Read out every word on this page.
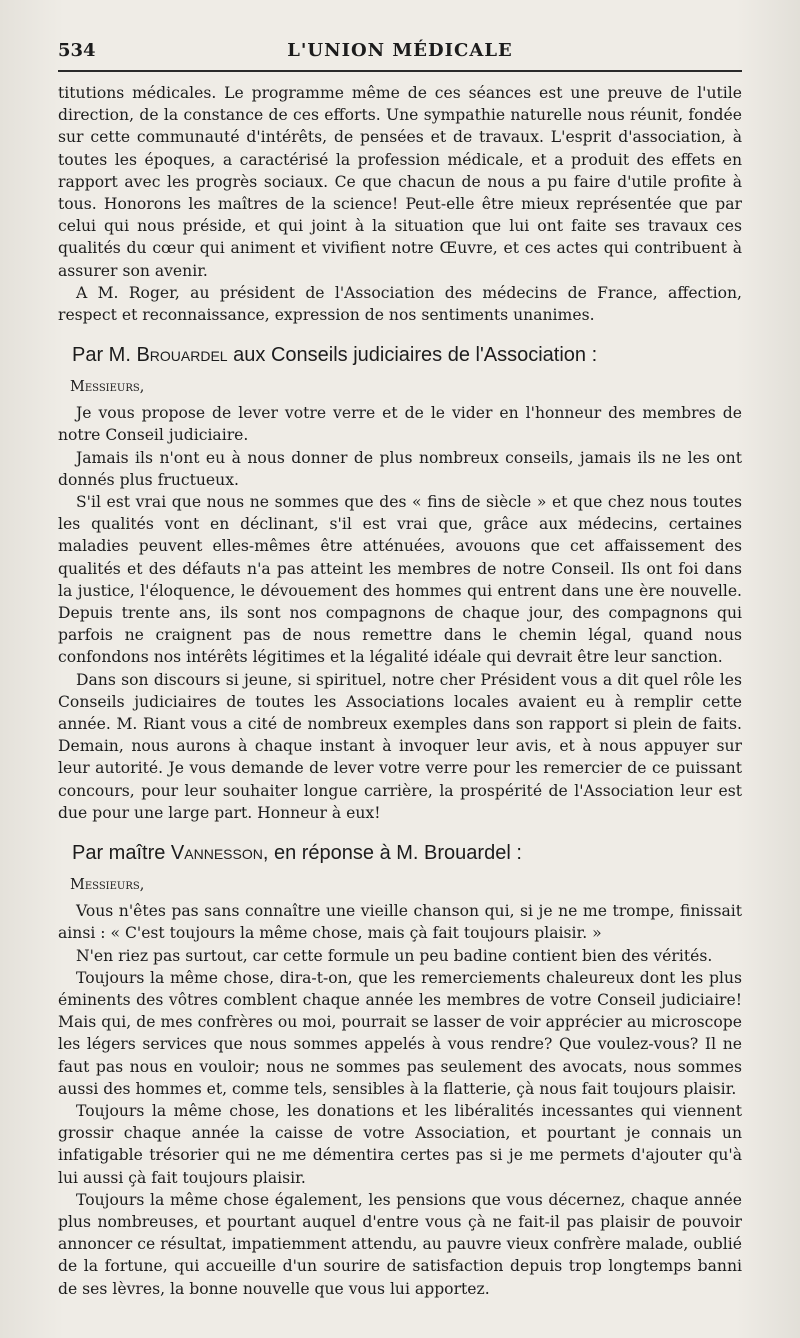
534	L'UNION MÉDICALE

titutions médicales. Le programme même de ces séances est une preuve de l'utile direction, de la constance de ces efforts. Une sympathie naturelle nous réunit, fondée sur cette communauté d'intérêts, de pensées et de travaux. L'esprit d'association, à toutes les époques, a caractérisé la profession médicale, et a produit des effets en rapport avec les progrès sociaux. Ce que chacun de nous a pu faire d'utile profite à tous. Honorons les maîtres de la science! Peut-elle être mieux représentée que par celui qui nous préside, et qui joint à la situation que lui ont faite ses travaux ces qualités du cœur qui animent et vivifient notre Œuvre, et ces actes qui contribuent à assurer son avenir.

A M. Roger, au président de l'Association des médecins de France, affection, respect et reconnaissance, expression de nos sentiments unanimes.

Par M. Brouardel aux Conseils judiciaires de l'Association :
Messieurs,

Je vous propose de lever votre verre et de le vider en l'honneur des membres de notre Conseil judiciaire.

Jamais ils n'ont eu à nous donner de plus nombreux conseils, jamais ils ne les ont donnés plus fructueux.

S'il est vrai que nous ne sommes que des « fins de siècle » et que chez nous toutes les qualités vont en déclinant, s'il est vrai que, grâce aux médecins, certaines maladies peuvent elles-mêmes être atténuées, avouons que cet affaissement des qualités et des défauts n'a pas atteint les membres de notre Conseil. Ils ont foi dans la justice, l'éloquence, le dévouement des hommes qui entrent dans une ère nouvelle. Depuis trente ans, ils sont nos compagnons de chaque jour, des compagnons qui parfois ne craignent pas de nous remettre dans le chemin légal, quand nous confondons nos intérêts légitimes et la légalité idéale qui devrait être leur sanction.

Dans son discours si jeune, si spirituel, notre cher Président vous a dit quel rôle les Conseils judiciaires de toutes les Associations locales avaient eu à remplir cette année. M. Riant vous a cité de nombreux exemples dans son rapport si plein de faits. Demain, nous aurons à chaque instant à invoquer leur avis, et à nous appuyer sur leur autorité. Je vous demande de lever votre verre pour les remercier de ce puissant concours, pour leur souhaiter longue carrière, la prospérité de l'Association leur est due pour une large part. Honneur à eux!

Par maître Vannesson, en réponse à M. Brouardel :
Messieurs,

Vous n'êtes pas sans connaître une vieille chanson qui, si je ne me trompe, finissait ainsi : « C'est toujours la même chose, mais çà fait toujours plaisir. »

N'en riez pas surtout, car cette formule un peu badine contient bien des vérités.

Toujours la même chose, dira-t-on, que les remerciements chaleureux dont les plus éminents des vôtres comblent chaque année les membres de votre Conseil judiciaire! Mais qui, de mes confrères ou moi, pourrait se lasser de voir apprécier au microscope les légers services que nous sommes appelés à vous rendre? Que voulez-vous? Il ne faut pas nous en vouloir; nous ne sommes pas seulement des avocats, nous sommes aussi des hommes et, comme tels, sensibles à la flatterie, çà nous fait toujours plaisir.

Toujours la même chose, les donations et les libéralités incessantes qui viennent grossir chaque année la caisse de votre Association, et pourtant je connais un infatigable trésorier qui ne me démentira certes pas si je me permets d'ajouter qu'à lui aussi çà fait toujours plaisir.

Toujours la même chose également, les pensions que vous décernez, chaque année plus nombreuses, et pourtant auquel d'entre vous çà ne fait-il pas plaisir de pouvoir annoncer ce résultat, impatiemment attendu, au pauvre vieux confrère malade, oublié de la fortune, qui accueille d'un sourire de satisfaction depuis trop longtemps banni de ses lèvres, la bonne nouvelle que vous lui apportez.
